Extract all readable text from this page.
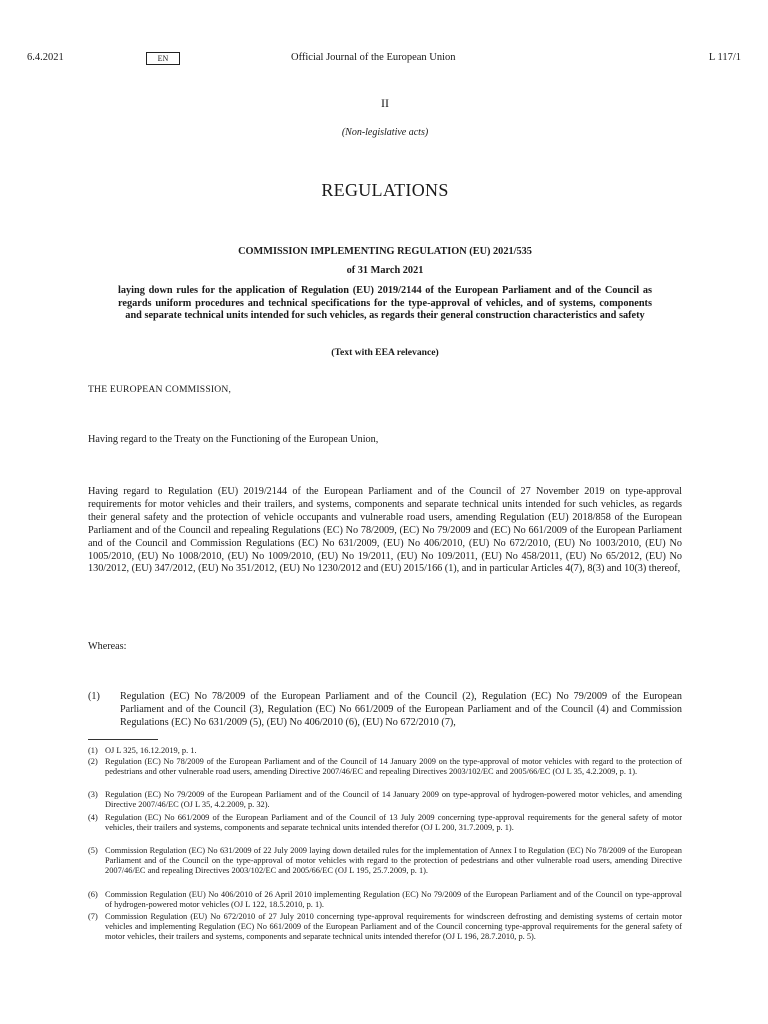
6.4.2021	EN	Official Journal of the European Union	L 117/1
II
(Non-legislative acts)
REGULATIONS
COMMISSION IMPLEMENTING REGULATION (EU) 2021/535
of 31 March 2021
laying down rules for the application of Regulation (EU) 2019/2144 of the European Parliament and of the Council as regards uniform procedures and technical specifications for the type-approval of vehicles, and of systems, components and separate technical units intended for such vehicles, as regards their general construction characteristics and safety
(Text with EEA relevance)
THE EUROPEAN COMMISSION,
Having regard to the Treaty on the Functioning of the European Union,
Having regard to Regulation (EU) 2019/2144 of the European Parliament and of the Council of 27 November 2019 on type-approval requirements for motor vehicles and their trailers, and systems, components and separate technical units intended for such vehicles, as regards their general safety and the protection of vehicle occupants and vulnerable road users, amending Regulation (EU) 2018/858 of the European Parliament and of the Council and repealing Regulations (EC) No 78/2009, (EC) No 79/2009 and (EC) No 661/2009 of the European Parliament and of the Council and Commission Regulations (EC) No 631/2009, (EU) No 406/2010, (EU) No 672/2010, (EU) No 1003/2010, (EU) No 1005/2010, (EU) No 1008/2010, (EU) No 1009/2010, (EU) No 19/2011, (EU) No 109/2011, (EU) No 458/2011, (EU) No 65/2012, (EU) No 130/2012, (EU) 347/2012, (EU) No 351/2012, (EU) No 1230/2012 and (EU) 2015/166 (1), and in particular Articles 4(7), 8(3) and 10(3) thereof,
Whereas:
(1) Regulation (EC) No 78/2009 of the European Parliament and of the Council (2), Regulation (EC) No 79/2009 of the European Parliament and of the Council (3), Regulation (EC) No 661/2009 of the European Parliament and of the Council (4) and Commission Regulations (EC) No 631/2009 (5), (EU) No 406/2010 (6), (EU) No 672/2010 (7),
(1) OJ L 325, 16.12.2019, p. 1.
(2) Regulation (EC) No 78/2009 of the European Parliament and of the Council of 14 January 2009 on the type-approval of motor vehicles with regard to the protection of pedestrians and other vulnerable road users, amending Directive 2007/46/EC and repealing Directives 2003/102/EC and 2005/66/EC (OJ L 35, 4.2.2009, p. 1).
(3) Regulation (EC) No 79/2009 of the European Parliament and of the Council of 14 January 2009 on type-approval of hydrogen-powered motor vehicles, and amending Directive 2007/46/EC (OJ L 35, 4.2.2009, p. 32).
(4) Regulation (EC) No 661/2009 of the European Parliament and of the Council of 13 July 2009 concerning type-approval requirements for the general safety of motor vehicles, their trailers and systems, components and separate technical units intended therefor (OJ L 200, 31.7.2009, p. 1).
(5) Commission Regulation (EC) No 631/2009 of 22 July 2009 laying down detailed rules for the implementation of Annex I to Regulation (EC) No 78/2009 of the European Parliament and of the Council on the type-approval of motor vehicles with regard to the protection of pedestrians and other vulnerable road users, amending Directive 2007/46/EC and repealing Directives 2003/102/EC and 2005/66/EC (OJ L 195, 25.7.2009, p. 1).
(6) Commission Regulation (EU) No 406/2010 of 26 April 2010 implementing Regulation (EC) No 79/2009 of the European Parliament and of the Council on type-approval of hydrogen-powered motor vehicles (OJ L 122, 18.5.2010, p. 1).
(7) Commission Regulation (EU) No 672/2010 of 27 July 2010 concerning type-approval requirements for windscreen defrosting and demisting systems of certain motor vehicles and implementing Regulation (EC) No 661/2009 of the European Parliament and of the Council concerning type-approval requirements for the general safety of motor vehicles, their trailers and systems, components and separate technical units intended therefor (OJ L 196, 28.7.2010, p. 5).
